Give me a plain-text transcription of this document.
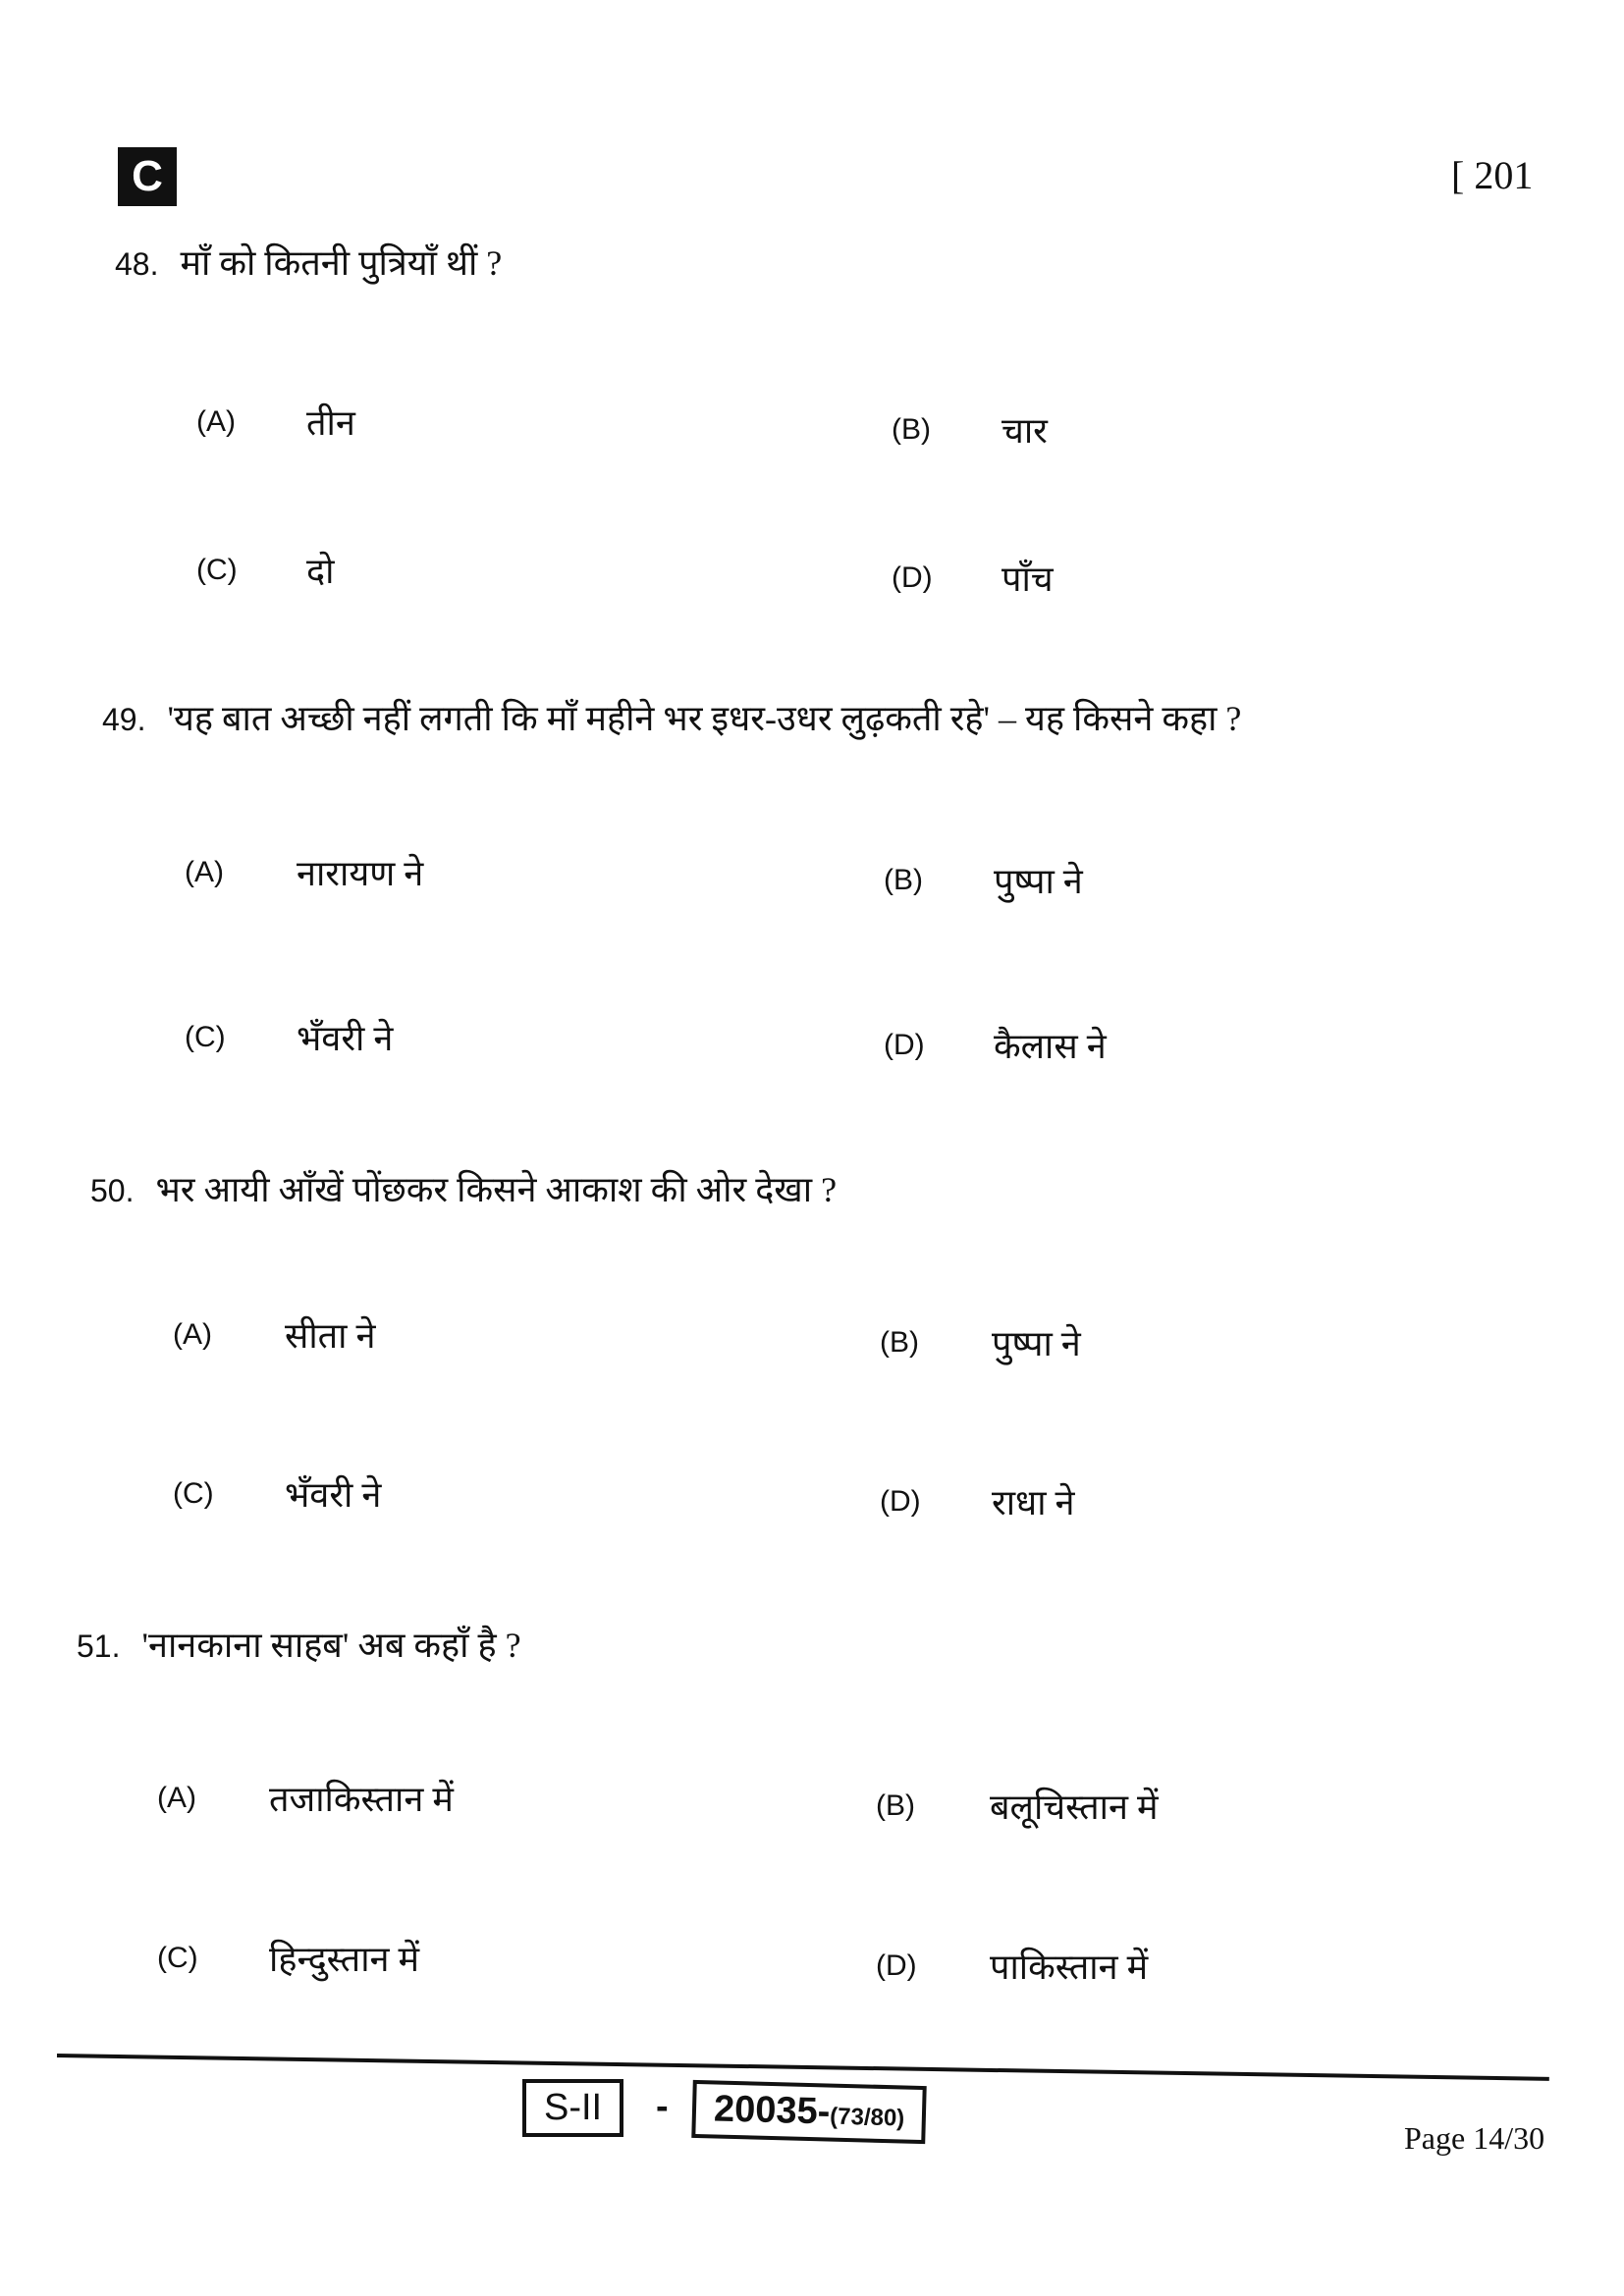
C	[ 201
48. माँ को कितनी पुत्रियाँ थीं ?
(A) तीन	(B) चार
(C) दो	(D) पाँच
49. 'यह बात अच्छी नहीं लगती कि माँ महीने भर इधर-उधर लुढ़कती रहे' – यह किसने कहा ?
(A) नारायण ने	(B) पुष्पा ने
(C) भँवरी ने	(D) कैलास ने
50. भर आयी आँखें पोंछकर किसने आकाश की ओर देखा ?
(A) सीता ने	(B) पुष्पा ने
(C) भँवरी ने	(D) राधा ने
51. 'नानकाना साहब' अब कहाँ है ?
(A) तजाकिस्तान में	(B) बलूचिस्तान में
(C) हिन्दुस्तान में	(D) पाकिस्तान में
S-II	-	20035-(73/80)
Page 14/30
